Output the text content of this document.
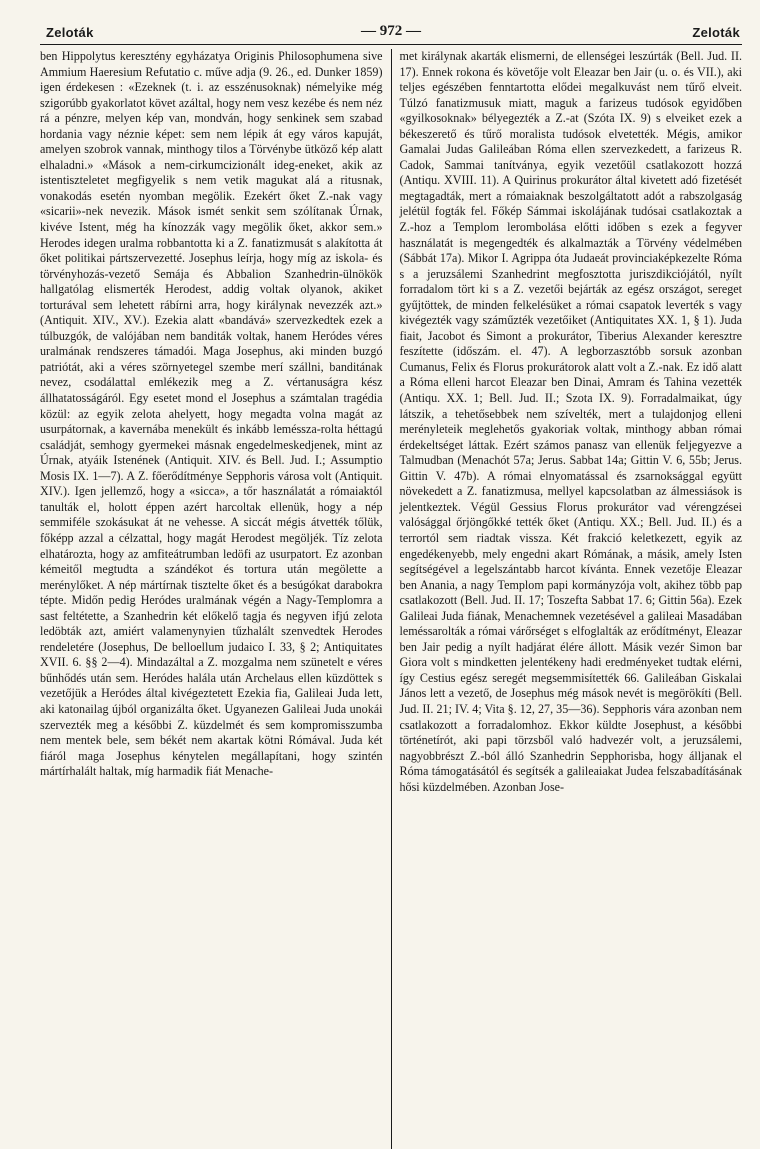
Zeloták	— 972 —	Zeloták

ben Hippolytus keresztény egyházatya Originis Philosophumena sive Ammium Haeresium Refutatio c. műve adja (9. 26., ed. Dunker 1859) igen érdekesen : «Ezeknek (t. i. az esszénusoknak) némelyike még szigorúbb gyakorlatot követ azáltal, hogy nem vesz kezébe és nem néz rá a pénzre, melyen kép van, mondván, hogy senkinek sem szabad hordania vagy néznie képet: sem nem lépik át egy város kapuját, amelyen szobrok vannak, minthogy tilos a Törvénybe ütköző kép alatt elhaladni.» «Mások a nem-cirkumcizionált ideg-eneket, akik az istentiszteletet megfigyelik s nem vetik magukat alá a ritusnak, vonakodás esetén nyomban megölik. Ezekért őket Z.-nak vagy «sicarii»-nek nevezik. Mások ismét senkit sem szólítanak Úrnak, kivéve Istent, még ha kínozzák vagy megölik őket, akkor sem.» Herodes idegen uralma robbantotta ki a Z. fanatizmusát s alakította át őket politikai pártszervezetté. Josephus leírja, hogy míg az iskola- és törvényhozás-vezető Semája és Abbalion Szanhedrin-ülnökök hallgatólag elismerték Herodest, addig voltak olyanok, akiket torturával sem lehetett rábírni arra, hogy királynak nevezzék azt.» (Antiquit. XIV., XV.). Ezekia alatt «bandává» szervezkedtek ezek a túlbuzgók, de valójában nem banditák voltak, hanem Heródes véres uralmának rendszeres támadói. Maga Josephus, aki minden buzgó patriótát, aki a véres szörnyetegel szembe merí szállni, banditának nevez, csodálattal emlékezik meg a Z. vértanuságra kész állhatatosságáról. Egy esetet mond el Josephus a számtalan tragédia közül: az egyik zelota ahelyett, hogy megadta volna magát az usurpátornak, a kavernába menekült és inkább leméssza-rolta héttagú családját, semhogy gyermekei másnak engedelmeskedjenek, mint az Úrnak, atyáik Istenének (Antiquit. XIV. és Bell. Jud. I.; Assumptio Mosis IX. 1—7). A Z. főerődítménye Sepphoris városa volt (Antiquit. XIV.). Igen jellemző, hogy a «sicca», a tőr használatát a rómaiaktól tanulták el, holott éppen azért harcoltak ellenük, hogy a nép semmiféle szokásukat át ne vehesse. A siccát mégis átvették tőlük, főképp azzal a célzattal, hogy magát Herodest megöljék. Tíz zelota elhatározta, hogy az amfiteátrumban ledöfi az usurpatort. Ez azonban kémeitől megtudta a szándékot és tortura után megölette a merénylőket. A nép mártírnak tisztelte őket és a besúgókat darabokra tépte. Midőn pedig Heródes uralmának végén a Nagy-Templomra a sast feltétette, a Szanhedrin két előkelő tagja és negyven ifjú zelota ledöbták azt, amiért valamenynyien tűzhalált szenvedtek Herodes rendeletére (Josephus, De belloellum judaico I. 33, § 2; Antiquitates XVII. 6. §§ 2—4). Mindazáltal a Z. mozgalma nem szünetelt e véres bűnhődés után sem. Heródes halála után Archelaus ellen küzdöttek s vezetőjük a Heródes által kivégeztetett Ezekia fia, Galileai Juda lett, aki katonailag újból organizálta őket. Ugyanezen Galileai Juda unokái szervezték meg a későbbi Z. küzdelmét és sem kompromisszumba nem mentek bele, sem békét nem akartak kötni Rómával. Juda két fiáról maga Josephus kénytelen megállapítani, hogy szintén mártírhalált haltak, míg harmadik fiát Menache-

met királynak akarták elismerni, de ellenségei leszúrták (Bell. Jud. II. 17). Ennek rokona és követője volt Eleazar ben Jair (u. o. és VII.), aki teljes egészében fenntartotta elődei megalkuvást nem tűrő elveit. Túlzó fanatizmusuk miatt, maguk a farizeus tudósok egyidőben «gyilkosoknak» bélyegezték a Z.-at (Szóta IX. 9) s elveiket ezek a békeszerető és tűrő moralista tudósok elvetették. Mégis, amikor Gamalai Judas Galileában Róma ellen szervezkedett, a farizeus R. Cadok, Sammai tanítványa, egyik vezetőül csatlakozott hozzá (Antiqu. XVIII. 11). A Quirinus prokurátor által kivetett adó fizetését megtagadták, mert a rómaiaknak beszolgáltatott adót a rabszolgaság jelétül fogták fel. Főkép Sámmai iskolájának tudósai csatlakoztak a Z.-hoz a Templom lerombolása előtti időben s ezek a fegyver használatát is megengedték és alkalmazták a Törvény védelmében (Sábbát 17a). Mikor I. Agrippa óta Judaeát provinciaképkezelte Róma s a jeruzsálemi Szanhedrint megfosztotta juriszdikciójától, nyílt forradalom tört ki s a Z. vezetői bejárták az egész országot, sereget gyűjtöttek, de minden felkelésüket a római csapatok leverték s vagy kivégezték vagy száműzték vezetőiket (Antiquitates XX. 1, § 1). Juda fiait, Jacobot és Simont a prokurátor, Tiberius Alexander keresztre feszítette (időszám. el. 47). A legborzasztóbb sorsuk azonban Cumanus, Felix és Florus prokurátorok alatt volt a Z.-nak. Ez idő alatt a Róma elleni harcot Eleazar ben Dinai, Amram és Tahina vezették (Antiqu. XX. 1; Bell. Jud. II.; Szota IX. 9). Forradalmaikat, úgy látszik, a tehetősebbek nem szívelték, mert a tulajdonjog elleni merényleteik meglehetős gyakoriak voltak, minthogy abban római érdekeltséget láttak. Ezért számos panasz van ellenük feljegyezve a Talmudban (Menachót 57a; Jerus. Sabbat 14a; Gittin V. 6, 55b; Jerus. Gittin V. 47b). A római elnyomatással és zsarnoksággal együtt növekedett a Z. fanatizmusa, mellyel kapcsolatban az álmessiások is jelentkeztek. Végül Gessius Florus prokurátor vad vérengzései valósággal őrjöngőkké tették őket (Antiqu. XX.; Bell. Jud. II.) és a terrortól sem riadtak vissza. Két frakció keletkezett, egyik az engedékenyebb, mely engedni akart Rómának, a másik, amely Isten segítségével a legelszántabb harcot kívánta. Ennek vezetője Eleazar ben Anania, a nagy Templom papi kormányzója volt, akihez több pap csatlakozott (Bell. Jud. II. 17; Toszefta Sabbat 17. 6; Gittin 56a). Ezek Galileai Juda fiának, Menachemnek vezetésével a galileai Masadában leméssarolták a római várőrséget s elfoglalták az erődítményt, Eleazar ben Jair pedig a nyílt hadjárat élére állott. Másik vezér Simon bar Giora volt s mindketten jelentékeny hadi eredményeket tudtak elérni, így Cestius egész seregét megsemmisítették 66. Galileában Giskalai János lett a vezető, de Josephus még mások nevét is megörökíti (Bell. Jud. II. 21; IV. 4; Vita §. 12, 27, 35—36). Sepphoris vára azonban nem csatlakozott a forradalomhoz. Ekkor küldte Josephust, a későbbi történetírót, aki papi törzsből való hadvezér volt, a jeruzsálemi, nagyobbrészt Z.-ból álló Szanhedrin Sepphorisba, hogy álljanak el Róma támogatásától és segítsék a galileaiakat Judea felszabadításának hősi küzdelmében. Azonban Jose-
